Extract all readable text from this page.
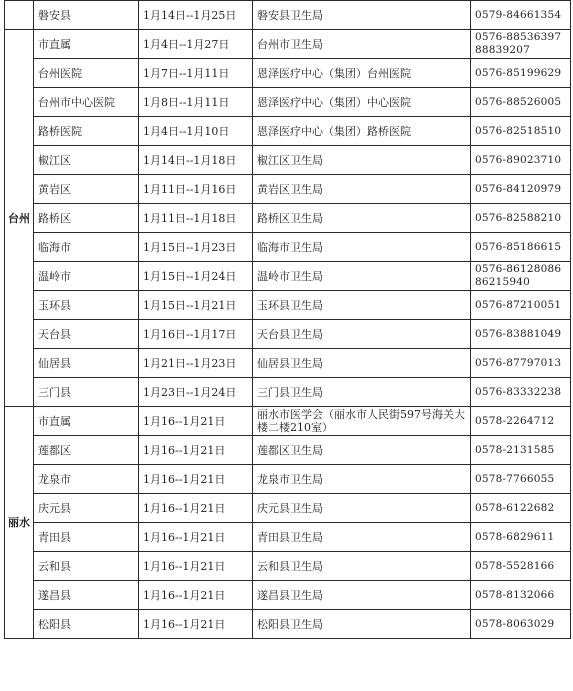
	磐安县	1月14日--1月25日	磐安县卫生局	0579-84661354

台州	市直属	1月4日--1月27日	台州市卫生局	0576-88536397
88839207

	台州医院	1月7日--1月11日	恩泽医疗中心（集团）台州医院	0576-85199629

	台州市中心医院	1月8日--1月11日	恩泽医疗中心（集团）中心医院	0576-88526005

	路桥医院	1月4日--1月10日	恩泽医疗中心（集团）路桥医院	0576-82518510

	椒江区	1月14日--1月18日	椒江区卫生局	0576-89023710

	黄岩区	1月11日--1月16日	黄岩区卫生局	0576-84120979

	路桥区	1月11日--1月18日	路桥区卫生局	0576-82588210

	临海市	1月15日--1月23日	临海市卫生局	0576-85186615

	温岭市	1月15日--1月24日	温岭市卫生局	0576-86128086
86215940

	玉环县	1月15日--1月21日	玉环县卫生局	0576-87210051

	天台县	1月16日--1月17日	天台县卫生局	0576-83881049

	仙居县	1月21日--1月23日	仙居县卫生局	0576-87797013

	三门县	1月23日--1月24日	三门县卫生局	0576-83332238

丽水	市直属	1月16--1月21日	丽水市医学会（丽水市人民街597号海关大楼二楼210室）	0578-2264712

	莲都区	1月16--1月21日	莲都区卫生局	0578-2131585

	龙泉市	1月16--1月21日	龙泉市卫生局	0578-7766055

	庆元县	1月16--1月21日	庆元县卫生局	0578-6122682

	青田县	1月16--1月21日	青田县卫生局	0578-6829611

	云和县	1月16--1月21日	云和县卫生局	0578-5528166

	遂昌县	1月16--1月21日	遂昌县卫生局	0578-8132066

	松阳县	1月16--1月21日	松阳县卫生局	0578-8063029
